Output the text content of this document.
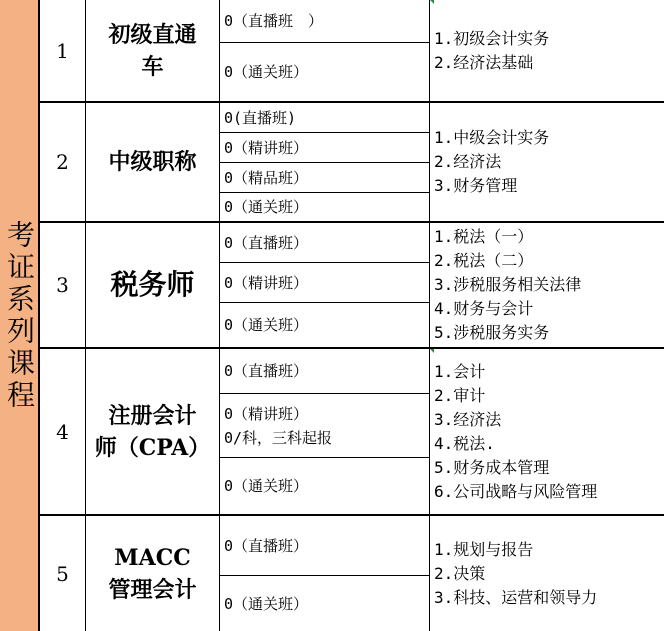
考证系列课程
1
初级直通
车
0（直播班　）
0（通关班）
1.初级会计实务
2.经济法基础
2	中级职称
0(直播班)
0（精讲班）
0（精品班）
0（通关班）
1.中级会计实务
2.经济法
3.财务管理
3	税务师
0（直播班）
0（精讲班）
0（通关班）
1.税法（一）
2.税法（二）
3.涉税服务相关法律
4.财务与会计
5.涉税服务实务
4
注册会计
师（CPA）
0（直播班）
0（精讲班）
0/科，三科起报
0（通关班）
1.会计
2.审计
3.经济法
4.税法.
5.财务成本管理
6.公司战略与风险管理
5
MACC
管理会计
0（直播班）
0（通关班）
1.规划与报告
2.决策
3.科技、运营和领导力
